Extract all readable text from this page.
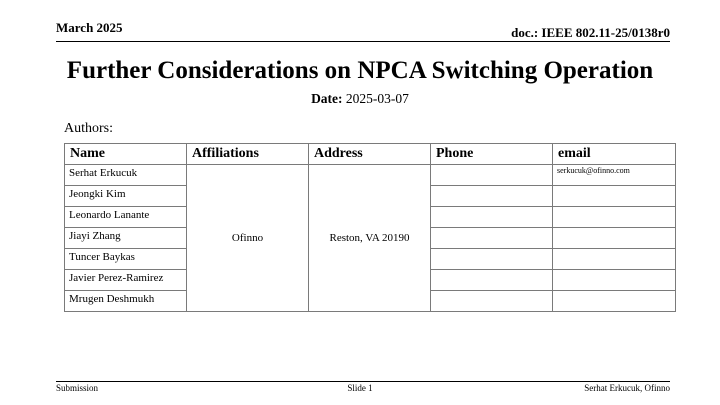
March 2025	doc.: IEEE 802.11-25/0138r0
Further Considerations on NPCA Switching Operation
Date: 2025-03-07
Authors:
Name	Affiliations	Address	Phone	email
Serhat Erkucuk	Ofinno	Reston, VA 20190		serkucuk@ofinno.com
Jeongki Kim				
Leonardo Lanante				
Jiayi Zhang				
Tuncer Baykas				
Javier Perez-Ramirez				
Mrugen Deshmukh				
Submission	Slide 1	Serhat Erkucuk, Ofinno
